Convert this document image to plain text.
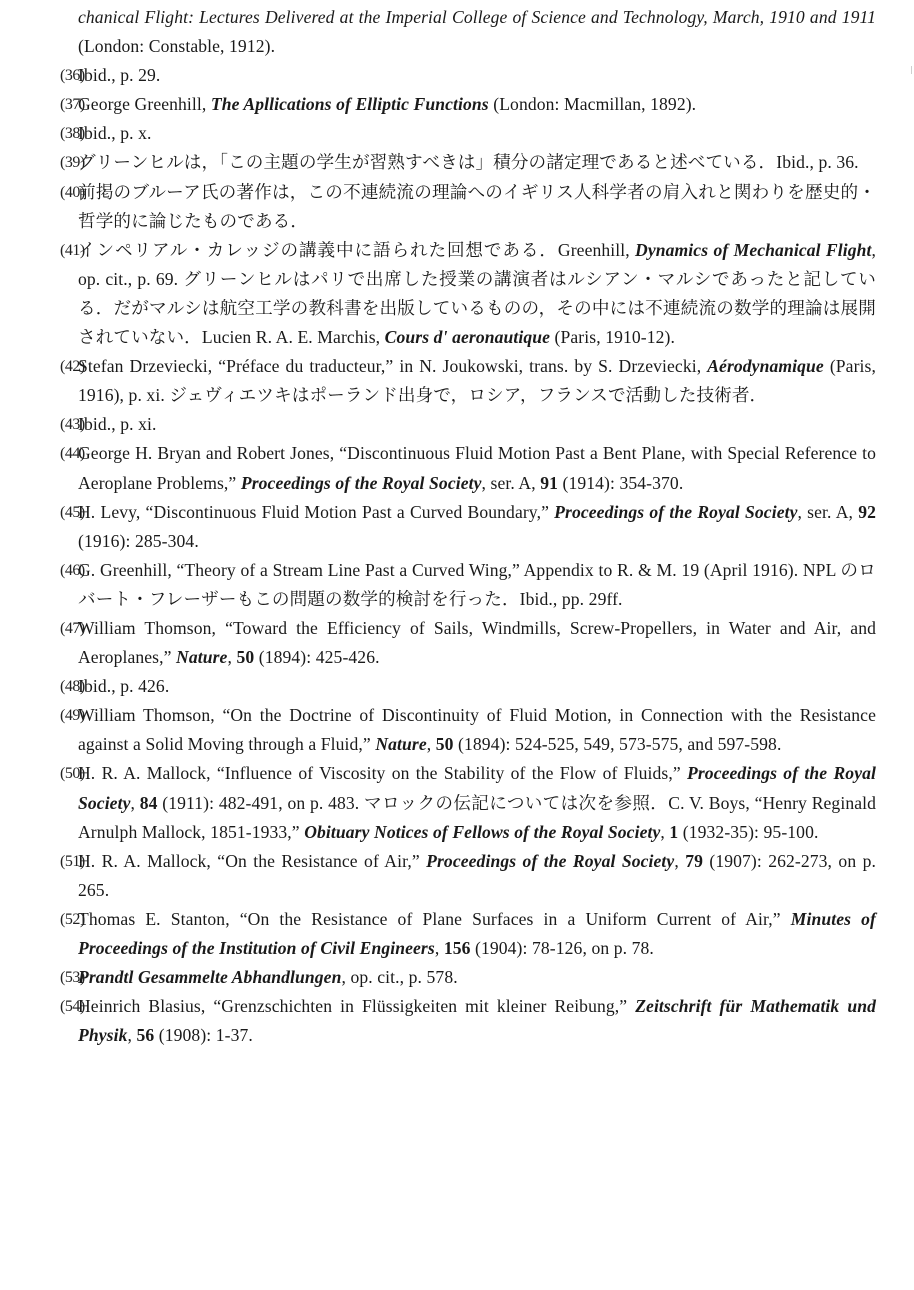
chanical Flight: Lectures Delivered at the Imperial College of Science and Technology, March, 1910 and 1911 (London: Constable, 1912).
(36)
Ibid., p. 29.
(37)
George Greenhill, The Apllications of Elliptic Functions (London: Macmillan, 1892).
(38)
Ibid., p. x.
(39)
グリーンヒルは，「この主題の学生が習熟すべきは」積分の諸定理であると述べている．Ibid., p. 36.
(40)
前掲のブルーア氏の著作は，この不連続流の理論へのイギリス人科学者の肩入れと関わりを歴史的・哲学的に論じたものである．
(41)
インペリアル・カレッジの講義中に語られた回想である．Greenhill, Dynamics of Mechanical Flight, op. cit., p. 69. グリーンヒルはパリで出席した授業の講演者はルシアン・マルシであったと記している．だがマルシは航空工学の教科書を出版しているものの，その中には不連続流の数学的理論は展開されていない．Lucien R. A. E. Marchis, Cours d' aeronautique (Paris, 1910-12).
(42)
Stefan Drzeviecki, “Préface du traducteur,” in N. Joukowski, trans. by S. Drzeviecki, Aérodynamique (Paris, 1916), p. xi. ジェヴィエツキはポーランド出身で，ロシア，フランスで活動した技術者．
(43)
Ibid., p. xi.
(44)
George H. Bryan and Robert Jones, “Discontinuous Fluid Motion Past a Bent Plane, with Special Reference to Aeroplane Problems,” Proceedings of the Royal Society, ser. A, 91 (1914): 354-370.
(45)
H. Levy, “Discontinuous Fluid Motion Past a Curved Boundary,” Proceedings of the Royal Society, ser. A, 92 (1916): 285-304.
(46)
G. Greenhill, “Theory of a Stream Line Past a Curved Wing,” Appendix to R. & M. 19 (April 1916). NPL のロバート・フレーザーもこの問題の数学的検討を行った．Ibid., pp. 29ff.
(47)
William Thomson, “Toward the Efficiency of Sails, Windmills, Screw-Propellers, in Water and Air, and Aeroplanes,” Nature, 50 (1894): 425-426.
(48)
Ibid., p. 426.
(49)
William Thomson, “On the Doctrine of Discontinuity of Fluid Motion, in Connection with the Resistance against a Solid Moving through a Fluid,” Nature, 50 (1894): 524-525, 549, 573-575, and 597-598.
(50)
H. R. A. Mallock, “Influence of Viscosity on the Stability of the Flow of Fluids,” Proceedings of the Royal Society, 84 (1911): 482-491, on p. 483. マロックの伝記については次を参照．C. V. Boys, “Henry Reginald Arnulph Mallock, 1851-1933,” Obituary Notices of Fellows of the Royal Society, 1 (1932-35): 95-100.
(51)
H. R. A. Mallock, “On the Resistance of Air,” Proceedings of the Royal Society, 79 (1907): 262-273, on p. 265.
(52)
Thomas E. Stanton, “On the Resistance of Plane Surfaces in a Uniform Current of Air,” Minutes of Proceedings of the Institution of Civil Engineers, 156 (1904): 78-126, on p. 78.
(53)
Prandtl Gesammelte Abhandlungen, op. cit., p. 578.
(54)
Heinrich Blasius, “Grenzschichten in Flüssigkeiten mit kleiner Reibung,” Zeitschrift für Mathematik und Physik, 56 (1908): 1-37.
